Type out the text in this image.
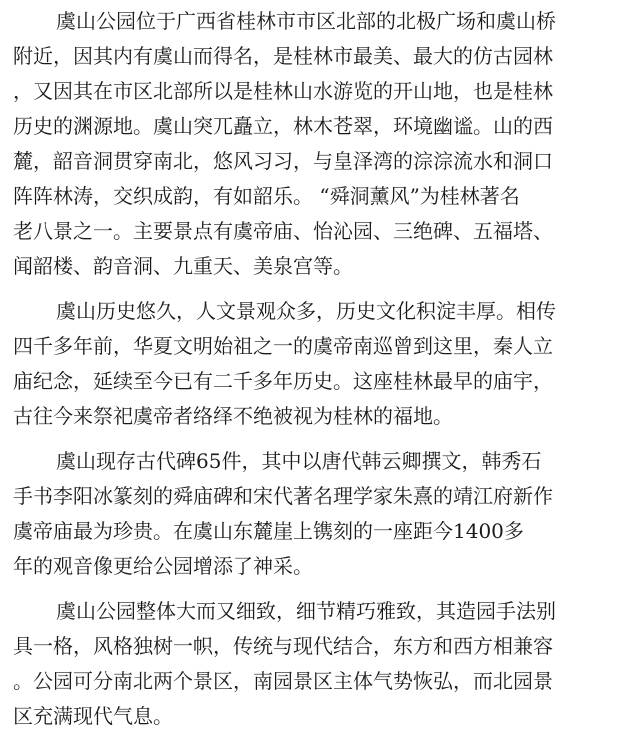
虞山公园位于广西省桂林市市区北部的北极广场和虞山桥
附近，因其内有虞山而得名，是桂林市最美、最大的仿古园林
，又因其在市区北部所以是桂林山水游览的开山地，也是桂林
历史的渊源地。虞山突兀矗立，林木苍翠，环境幽谧。山的西
麓，韶音洞贯穿南北，悠风习习，与皇泽湾的淙淙流水和洞口
阵阵林涛，交织成韵，有如韶乐。 “舜洞薰风”为桂林著名
老八景之一。主要景点有虞帝庙、怡沁园、三绝碑、五福塔、
闻韶楼、韵音洞、九重天、美泉宫等。
虞山历史悠久，人文景观众多，历史文化积淀丰厚。相传
四千多年前，华夏文明始祖之一的虞帝南巡曾到这里，秦人立
庙纪念，延续至今已有二千多年历史。这座桂林最早的庙宇，
古往今来祭祀虞帝者络绎不绝被视为桂林的福地。
虞山现存古代碑65件，其中以唐代韩云卿撰文，韩秀石
手书李阳冰篆刻的舜庙碑和宋代著名理学家朱熹的靖江府新作
虞帝庙最为珍贵。在虞山东麓崖上镌刻的一座距今1400多
年的观音像更给公园增添了神采。
虞山公园整体大而又细致，细节精巧雅致，其造园手法别
具一格，风格独树一帜，传统与现代结合，东方和西方相兼容
。公园可分南北两个景区，南园景区主体气势恢弘，而北园景
区充满现代气息。
